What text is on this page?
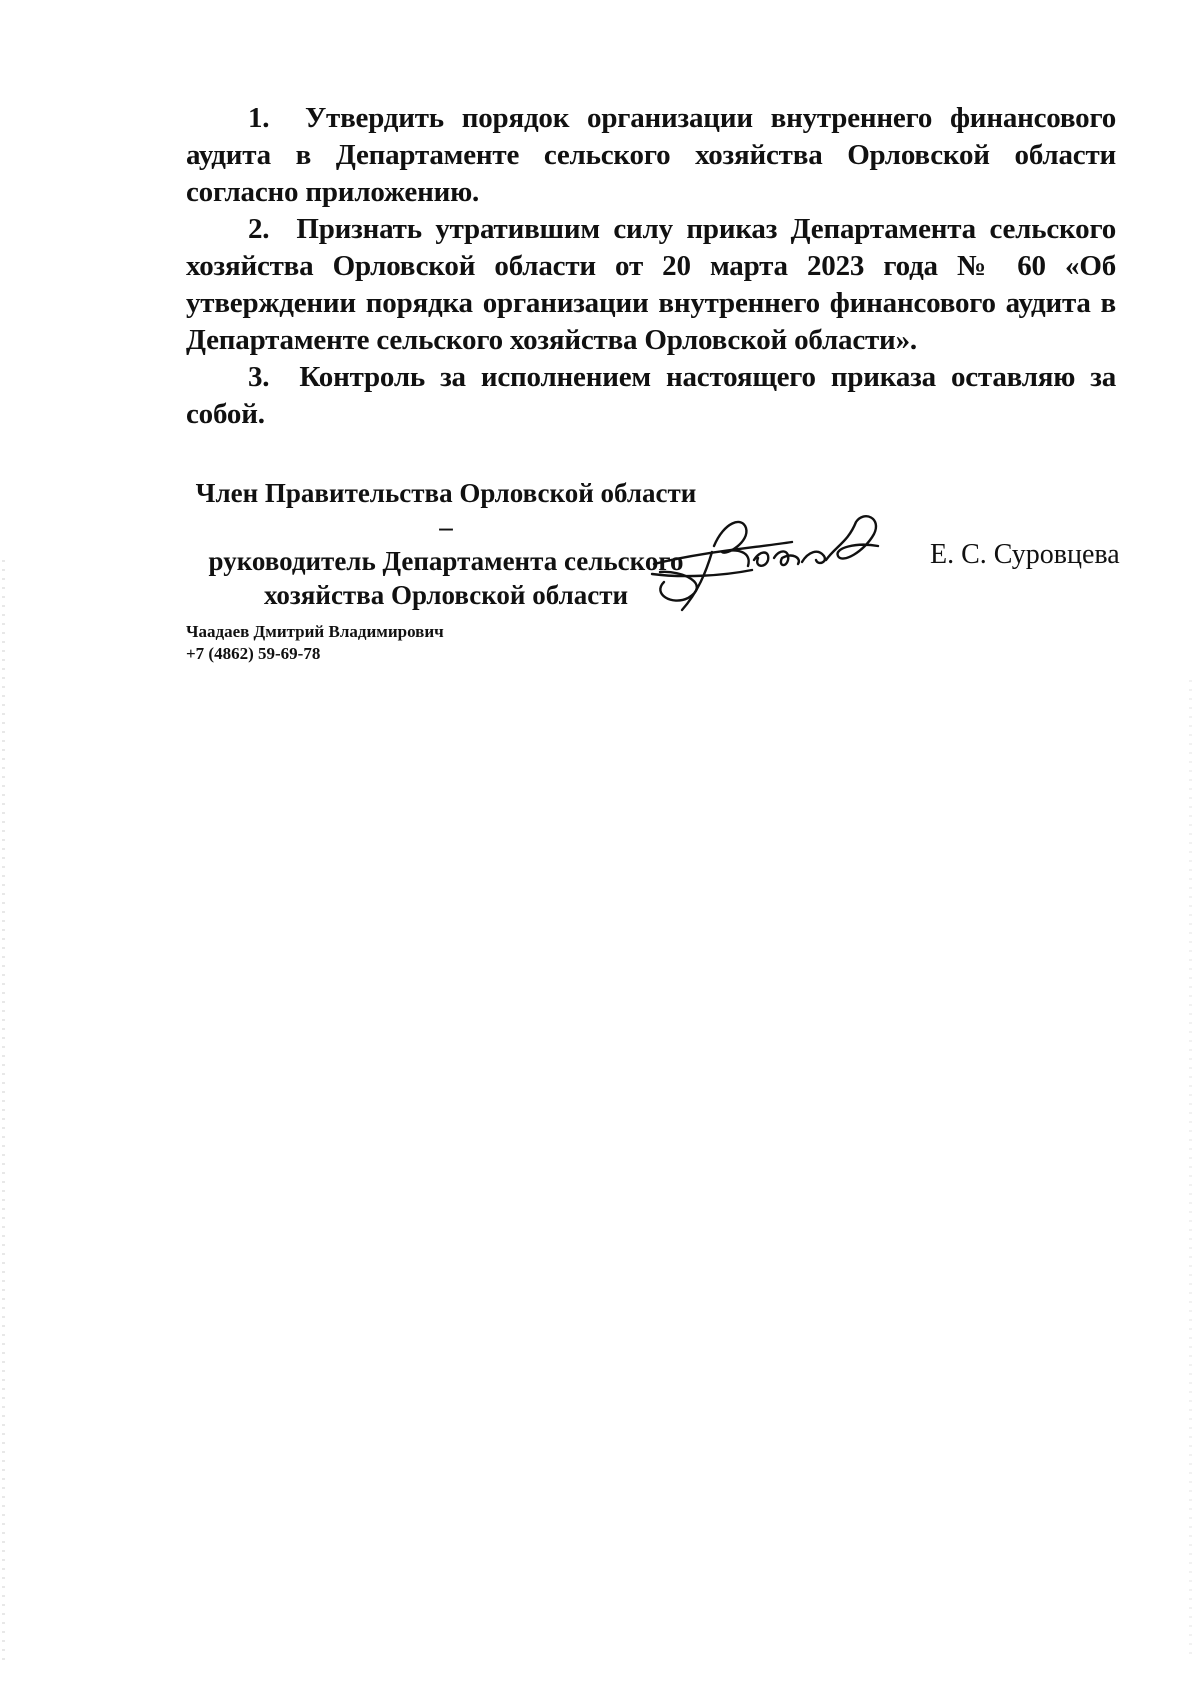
1. Утвердить порядок организации внутреннего финансового аудита в Департаменте сельского хозяйства Орловской области согласно приложению.

2. Признать утратившим силу приказ Департамента сельского хозяйства Орловской области от 20 марта 2023 года № 60 «Об утверждении порядка организации внутреннего финансового аудита в Департаменте сельского хозяйства Орловской области».

3. Контроль за исполнением настоящего приказа оставляю за собой.

Член Правительства Орловской области –
руководитель Департамента сельского
хозяйства Орловской области
Е. С. Суровцева
Чаадаев Дмитрий Владимирович
+7 (4862) 59-69-78
